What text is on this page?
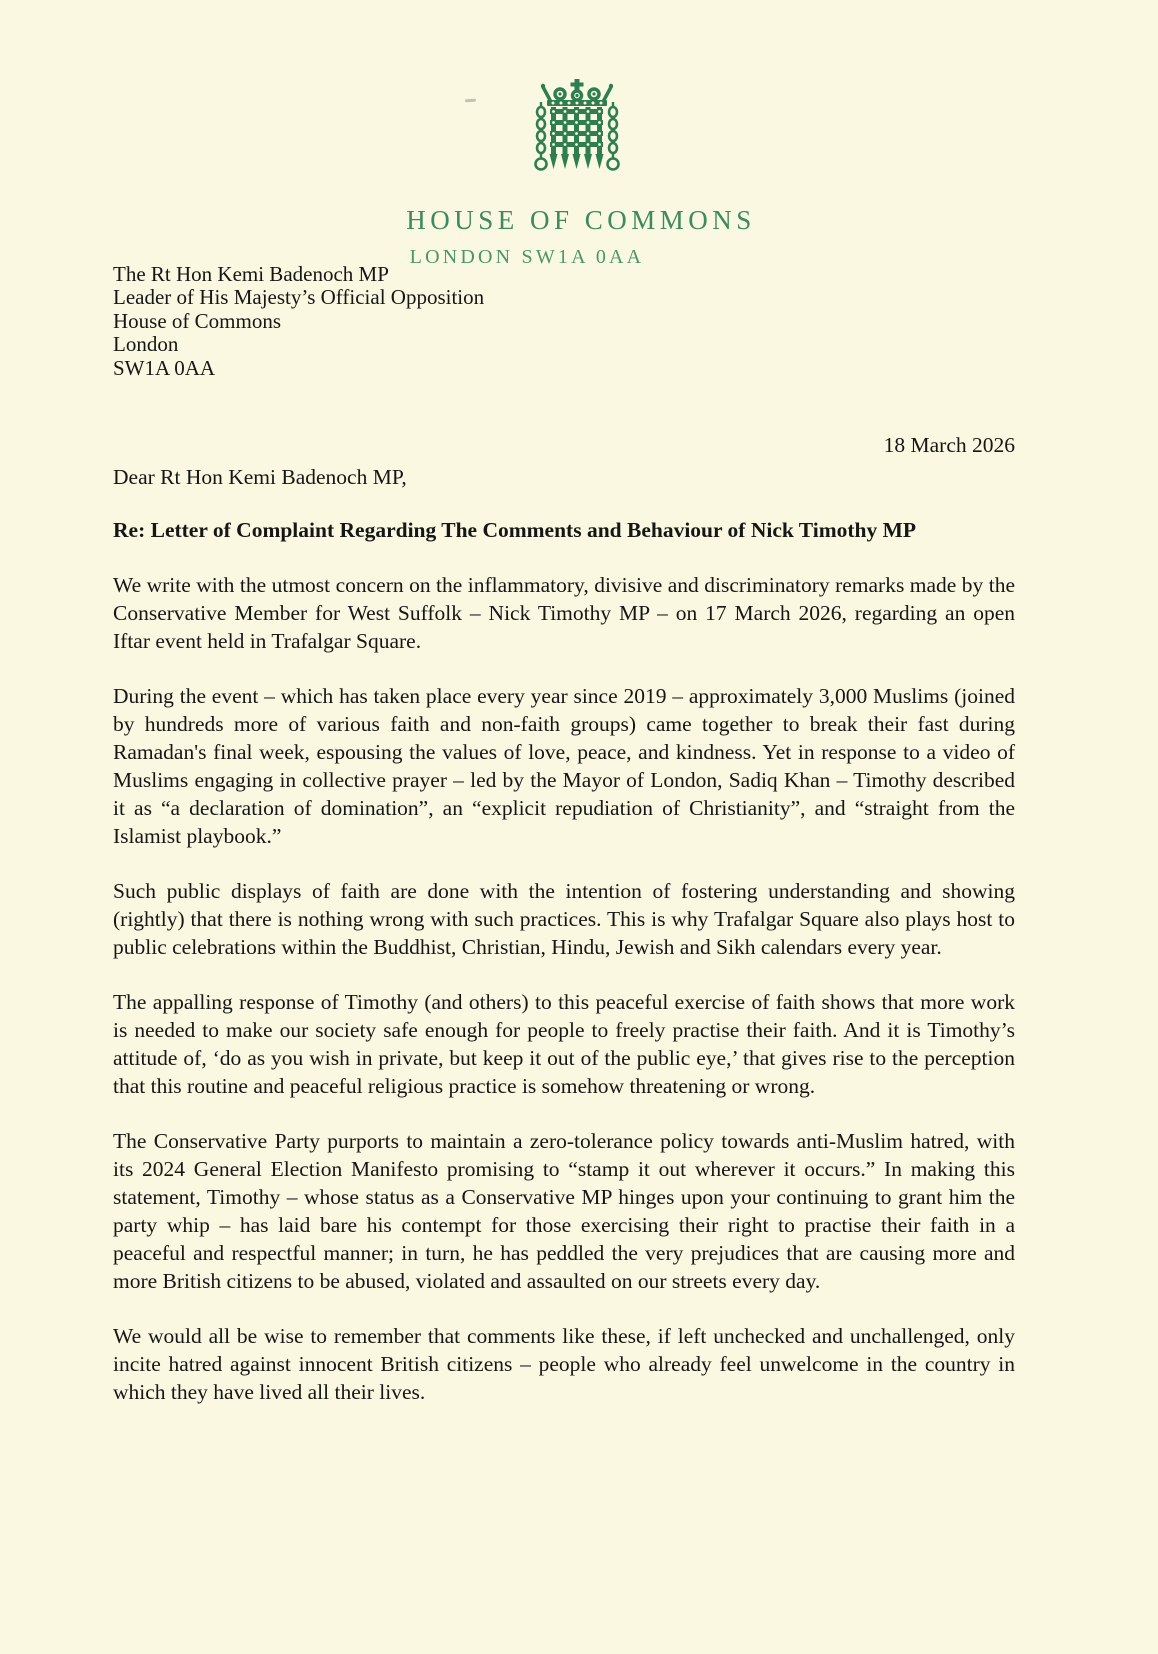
HOUSE OF COMMONS
LONDON SW1A 0AA
The Rt Hon Kemi Badenoch MP
Leader of His Majesty’s Official Opposition
House of Commons
London
SW1A 0AA
18 March 2026

Dear Rt Hon Kemi Badenoch MP,

Re: Letter of Complaint Regarding The Comments and Behaviour of Nick Timothy MP

We write with the utmost concern on the inflammatory, divisive and discriminatory remarks made by the Conservative Member for West Suffolk – Nick Timothy MP – on 17 March 2026, regarding an open Iftar event held in Trafalgar Square.

During the event – which has taken place every year since 2019 – approximately 3,000 Muslims (joined by hundreds more of various faith and non-faith groups) came together to break their fast during Ramadan's final week, espousing the values of love, peace, and kindness. Yet in response to a video of Muslims engaging in collective prayer – led by the Mayor of London, Sadiq Khan – Timothy described it as “a declaration of domination”, an “explicit repudiation of Christianity”, and “straight from the Islamist playbook.”

Such public displays of faith are done with the intention of fostering understanding and showing (rightly) that there is nothing wrong with such practices. This is why Trafalgar Square also plays host to public celebrations within the Buddhist, Christian, Hindu, Jewish and Sikh calendars every year.

The appalling response of Timothy (and others) to this peaceful exercise of faith shows that more work is needed to make our society safe enough for people to freely practise their faith. And it is Timothy’s attitude of, ‘do as you wish in private, but keep it out of the public eye,’ that gives rise to the perception that this routine and peaceful religious practice is somehow threatening or wrong.

The Conservative Party purports to maintain a zero-tolerance policy towards anti-Muslim hatred, with its 2024 General Election Manifesto promising to “stamp it out wherever it occurs.” In making this statement, Timothy – whose status as a Conservative MP hinges upon your continuing to grant him the party whip – has laid bare his contempt for those exercising their right to practise their faith in a peaceful and respectful manner; in turn, he has peddled the very prejudices that are causing more and more British citizens to be abused, violated and assaulted on our streets every day.

We would all be wise to remember that comments like these, if left unchecked and unchallenged, only incite hatred against innocent British citizens – people who already feel unwelcome in the country in which they have lived all their lives.
